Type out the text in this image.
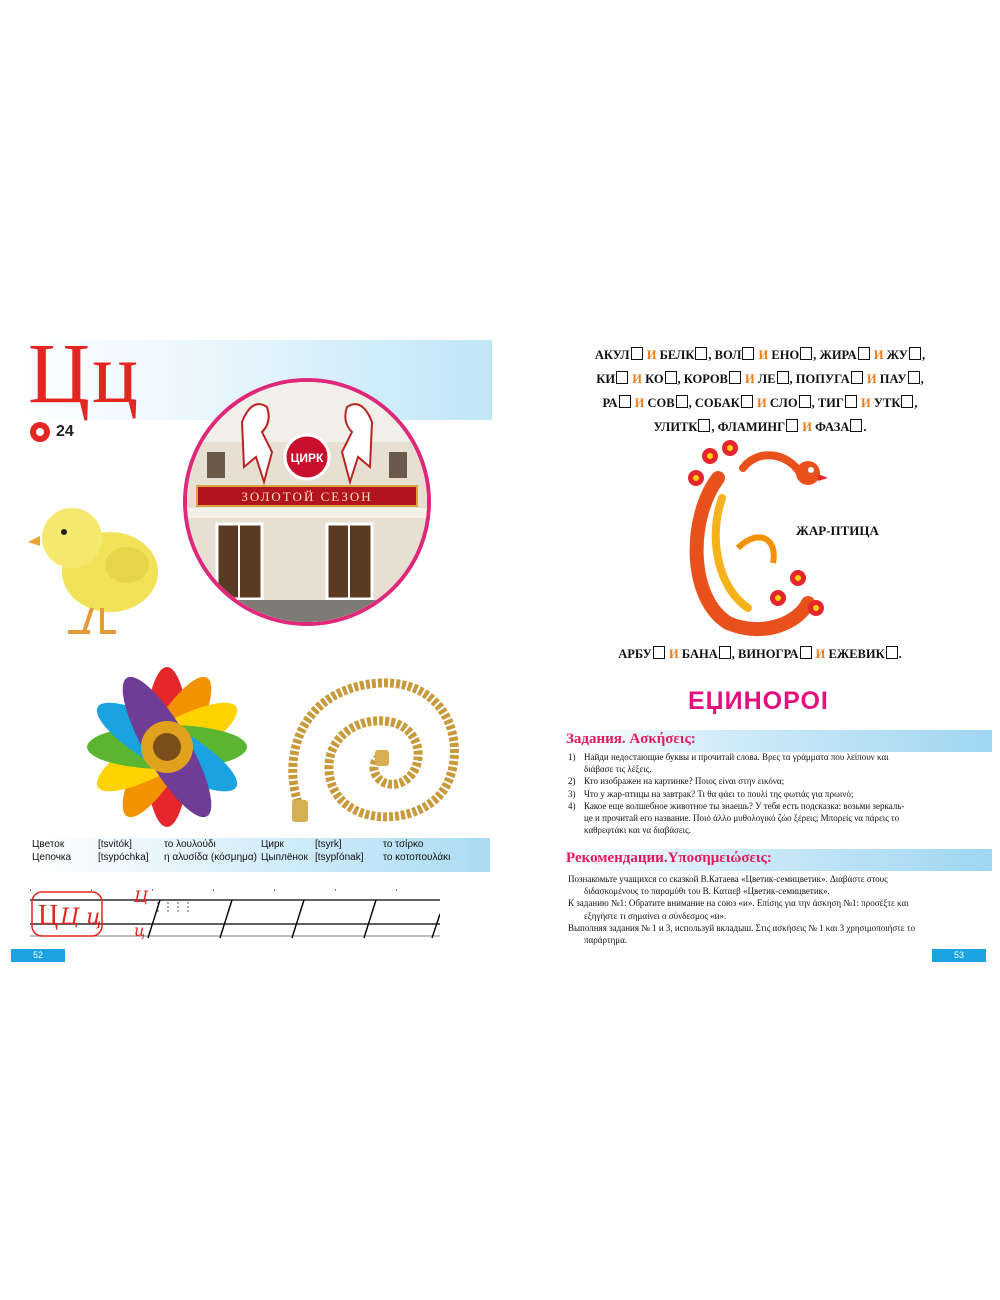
Цц
24
ЦИРК
ЗОЛОТОЙ СЕЗОН
Цветок	[tsvitók]	το λουλούδι	Цирк	[tsyrk]	το τσίρκο
Цепочка	[tsypóchka]	η αλυσίδα (κόσμημα)	Цыплёнок	[tsypľónak]	το κοτοπουλάκι
Ц Ц ц
Ц
ц
52
АКУЛ И БЕЛК , ВОЛ И ЕНО , ЖИРА И ЖУ ,
КИ И КО , КОРОВ И ЛЕ , ПОПУГА И ПАУ ,
РА И СОВ , СОБАК И СЛО , ТИГ И УТК ,
УЛИТК , ФЛАМИНГ И ФАЗА .
ЖАР-ПТИЦА
АРБУ И БАНА , ВИНОГРА И ЕЖЕВИК .
ЕЏИНОРОІ
Задания. Ασκήσεις:
1) Найди недостающие буквы и прочитай слова. Βρες τα γράμματα που λείπουν και
διάβασε τις λέξεις.
2) Кто изображен на картинке? Ποιος είναι στην εικόνα;
3) Что у жар-птицы на завтрак? Τι θα φάει το πουλί της φωτιάς για πρωινό;
4) Какое еще волшебное животное ты знаешь? У тебя есть подсказка: возьми зеркаль-
це и прочитай его название. Ποιό άλλο μυθολογικό ζώο ξέρεις; Μπορείς να πάρεις το
καθρεφτάκι και να διαβάσεις.
Рекомендации.Υποσημειώσεις:
Познакомьте учащихся со сказкой В.Катаева «Цветик-семицветик». Διαβάστε στους
διδασκομένους το παραμύθι του Β. Καταεβ «Цветик-семицветик».
К заданию №1: Обратите внимание на союз «и». Επίσης για την άσκηση №1: προσέξτε και
εξηγήστε τι σημαίνει ο σύνδεσμος «и».
Выполняя задания № 1 и 3, используй вкладыш. Στις ασκήσεις № 1 και 3 χρησιμοποιήστε το
παράρτημα.
53
